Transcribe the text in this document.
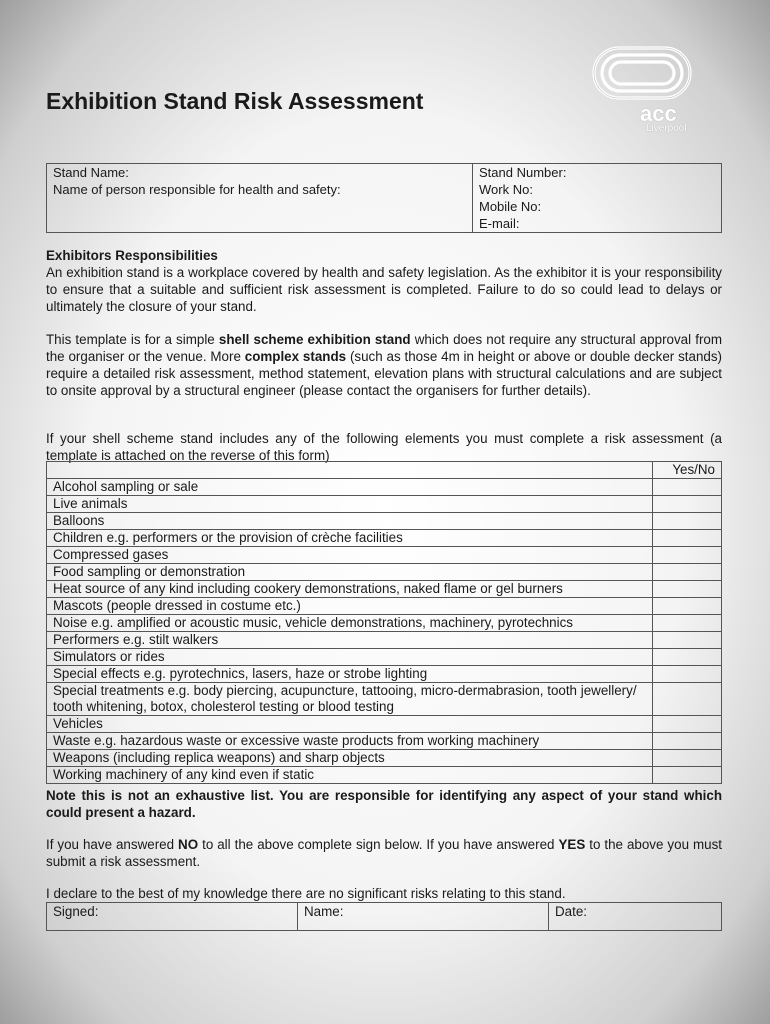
Exhibition Stand Risk Assessment	acc
Liverpool
Stand Name:
Name of person responsible for health and safety:

Stand Number:
Work No:
Mobile No:
E-mail:

Exhibitors Responsibilities
An exhibition stand is a workplace covered by health and safety legislation. As the exhibitor it is your responsibility to ensure that a suitable and sufficient risk assessment is completed. Failure to do so could lead to delays or ultimately the closure of your stand.

This template is for a simple shell scheme exhibition stand which does not require any structural approval from the organiser or the venue. More complex stands (such as those 4m in height or above or double decker stands) require a detailed risk assessment, method statement, elevation plans with structural calculations and are subject to onsite approval by a structural engineer (please contact the organisers for further details).

If your shell scheme stand includes any of the following elements you must complete a risk assessment (a template is attached on the reverse of this form)

	Yes/No
Alcohol sampling or sale	
Live animals	
Balloons	
Children e.g. performers or the provision of crèche facilities	
Compressed gases	
Food sampling or demonstration	
Heat source of any kind including cookery demonstrations, naked flame or gel burners	
Mascots (people dressed in costume etc.)	
Noise e.g. amplified or acoustic music, vehicle demonstrations, machinery, pyrotechnics	
Performers e.g. stilt walkers	
Simulators or rides	
Special effects e.g. pyrotechnics, lasers, haze or strobe lighting	
Special treatments e.g. body piercing, acupuncture, tattooing, micro-dermabrasion, tooth jewellery/ tooth whitening, botox, cholesterol testing or blood testing	
Vehicles	
Waste e.g. hazardous waste or excessive waste products from working machinery	
Weapons (including replica weapons) and sharp objects	
Working machinery of any kind even if static	

Note this is not an exhaustive list. You are responsible for identifying any aspect of your stand which could present a hazard.

If you have answered NO to all the above complete sign below. If you have answered YES to the above you must submit a risk assessment.

I declare to the best of my knowledge there are no significant risks relating to this stand.

Signed:	Name:	Date:
